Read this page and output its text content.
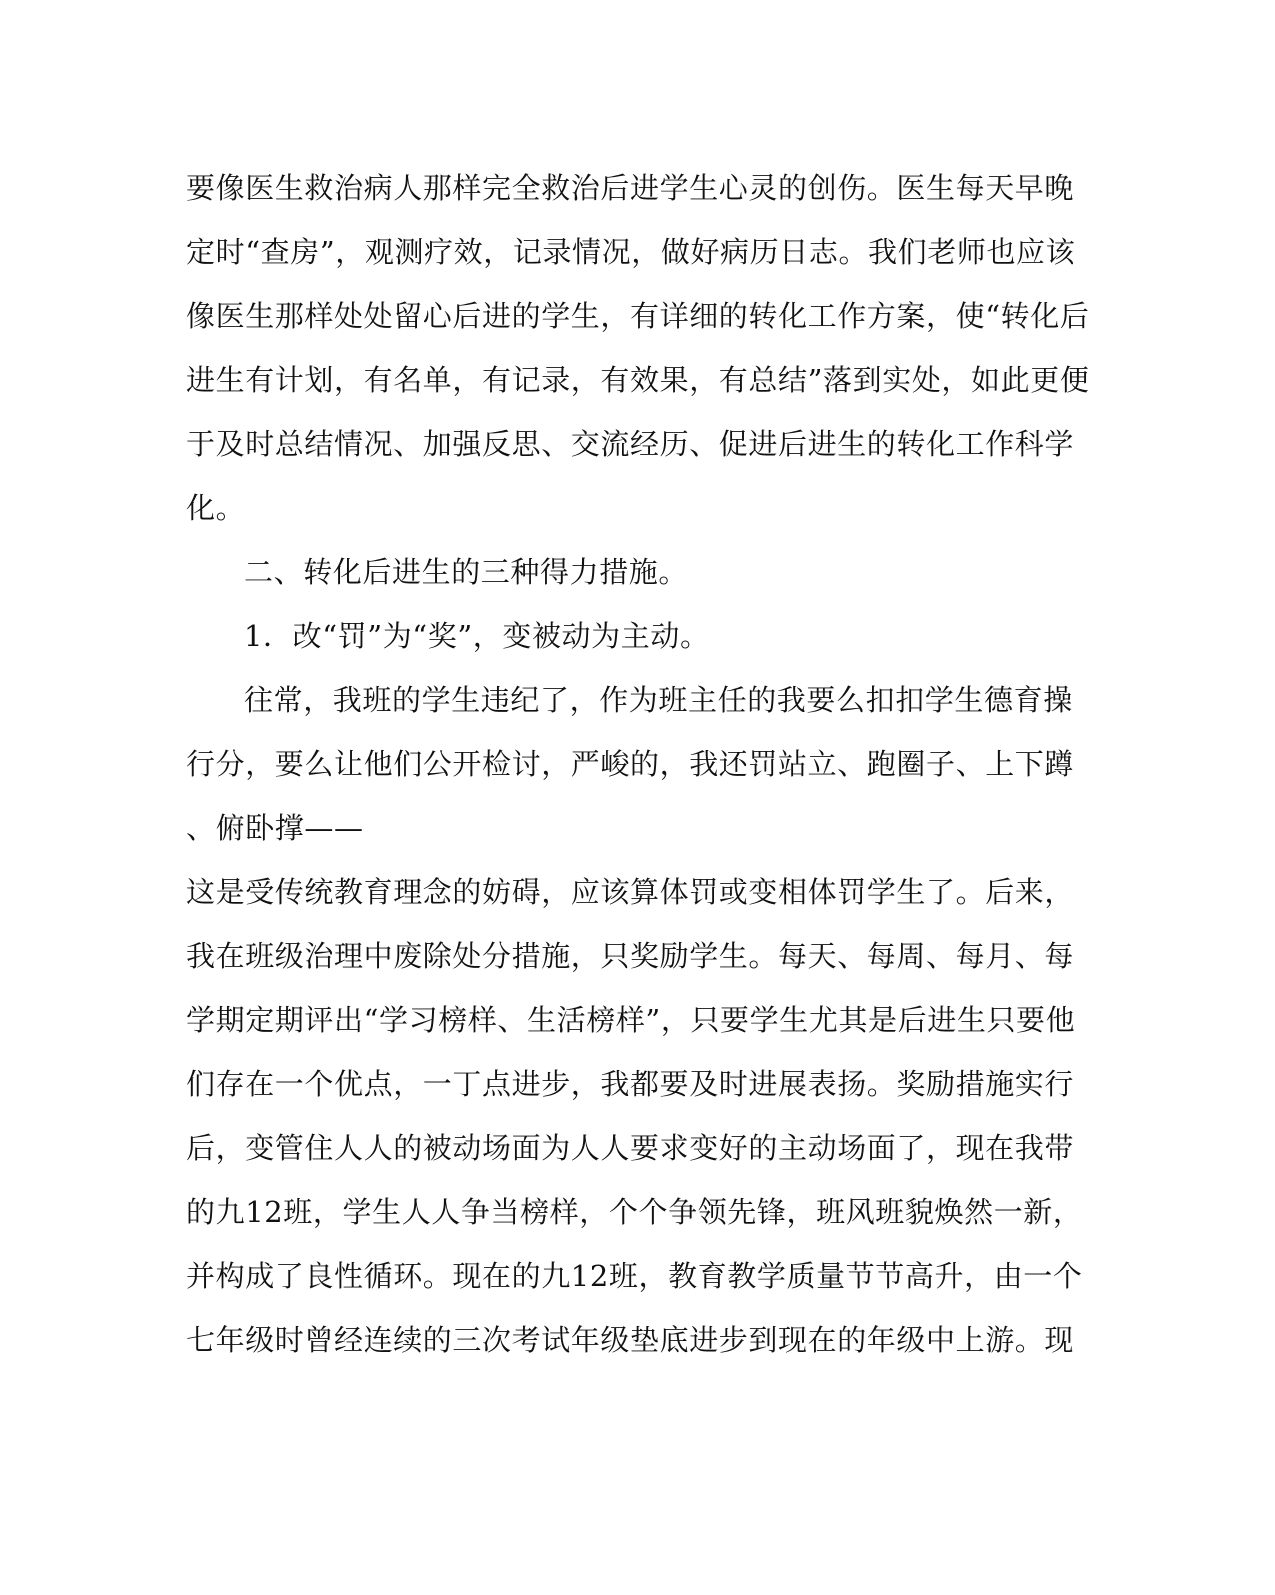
要像医生救治病人那样完全救治后进学生心灵的创伤。医生每天早晚

定时“查房”，观测疗效，记录情况，做好病历日志。我们老师也应该

像医生那样处处留心后进的学生，有详细的转化工作方案，使“转化后

进生有计划，有名单，有记录，有效果，有总结”落到实处，如此更便

于及时总结情况、加强反思、交流经历、促进后进生的转化工作科学

化。

二、转化后进生的三种得力措施。

1．改“罚”为“奖”，变被动为主动。

往常，我班的学生违纪了，作为班主任的我要么扣扣学生德育操

行分，要么让他们公开检讨，严峻的，我还罚站立、跑圈子、上下蹲

、俯卧撑——

这是受传统教育理念的妨碍，应该算体罚或变相体罚学生了。后来，

我在班级治理中废除处分措施，只奖励学生。每天、每周、每月、每

学期定期评出“学习榜样、生活榜样”，只要学生尤其是后进生只要他

们存在一个优点，一丁点进步，我都要及时进展表扬。奖励措施实行

后，变管住人人的被动场面为人人要求变好的主动场面了，现在我带

的九12班，学生人人争当榜样，个个争领先锋，班风班貌焕然一新，

并构成了良性循环。现在的九12班，教育教学质量节节高升，由一个

七年级时曾经连续的三次考试年级垫底进步到现在的年级中上游。现
